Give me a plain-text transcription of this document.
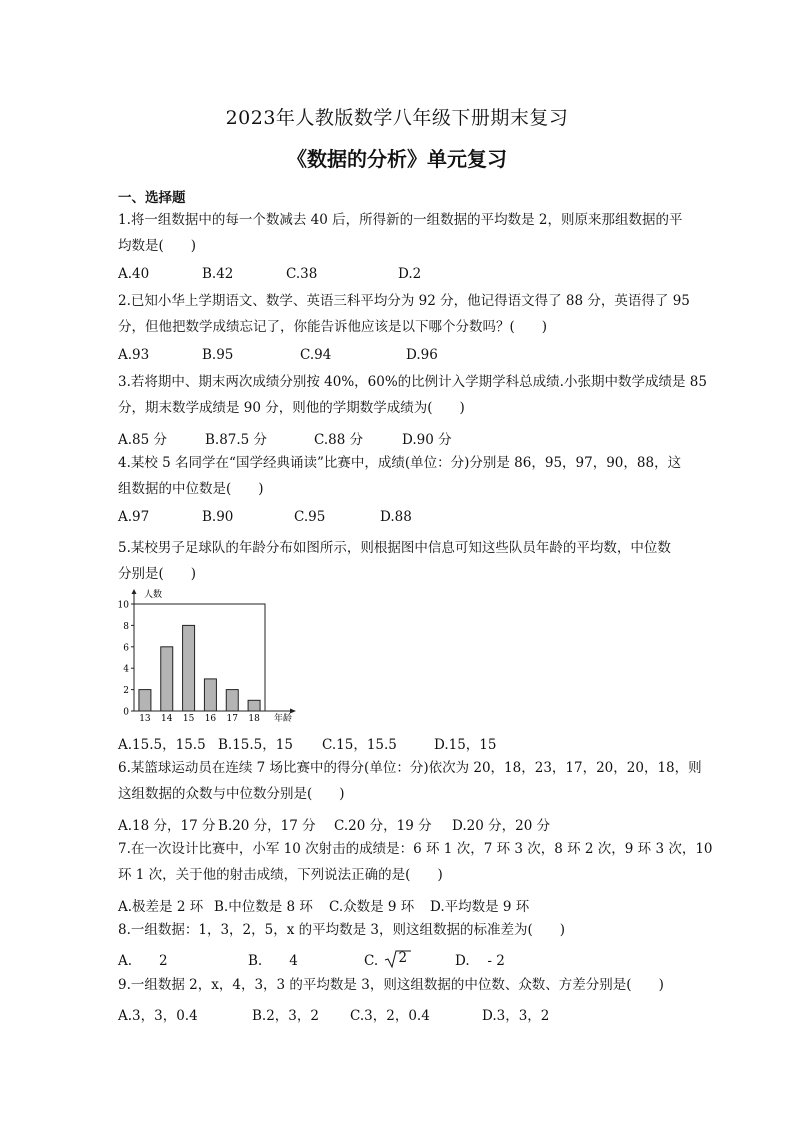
2023年人教版数学八年级下册期末复习
《数据的分析》单元复习
一、选择题
1.将一组数据中的每一个数减去 40 后，所得新的一组数据的平均数是 2，则原来那组数据的平
均数是(　　)
A.40	B.42	C.38	D.2
2.已知小华上学期语文、数学、英语三科平均分为 92 分，他记得语文得了 88 分，英语得了 95
分，但他把数学成绩忘记了，你能告诉他应该是以下哪个分数吗？(　　)
A.93	B.95	C.94	D.96
3.若将期中、期末两次成绩分别按 40%，60%的比例计入学期学科总成绩.小张期中数学成绩是 85
分，期末数学成绩是 90 分，则他的学期数学成绩为(　　)
A.85 分	B.87.5 分	C.88 分	D.90 分
4.某校 5 名同学在“国学经典诵读”比赛中，成绩(单位：分)分别是 86，95，97，90，88，这
组数据的中位数是(　　)
A.97	B.90	C.95	D.88
5.某校男子足球队的年龄分布如图所示，则根据图中信息可知这些队员年龄的平均数，中位数
分别是(　　)
0
2
4
6
8
10
13 14 15 16 17 18
人数
年龄
A.15.5，15.5 B.15.5，15 C.15，15.5	D.15，15
6.某篮球运动员在连续 7 场比赛中的得分(单位：分)依次为 20，18，23，17，20，20，18，则
这组数据的众数与中位数分别是(　　)
A.18 分，17 分 B.20 分，17 分 C.20 分，19 分 D.20 分，20 分
7.在一次设计比赛中，小军 10 次射击的成绩是：6 环 1 次，7 环 3 次，8 环 2 次，9 环 3 次，10
环 1 次，关于他的射击成绩，下列说法正确的是(　　)
A.极差是 2 环 B.中位数是 8 环 C.众数是 9 环 D.平均数是 9 环
8.一组数据：1，3，2，5，x 的平均数是 3，则这组数据的标准差为(　　)
A.　　2	B.　　4	C. 2	D.　 - 2
9.一组数据 2，x，4，3，3 的平均数是 3，则这组数据的中位数、众数、方差分别是(　　)
A.3，3，0.4	B.2，3，2 C.3，2，0.4	D.3，3，2
